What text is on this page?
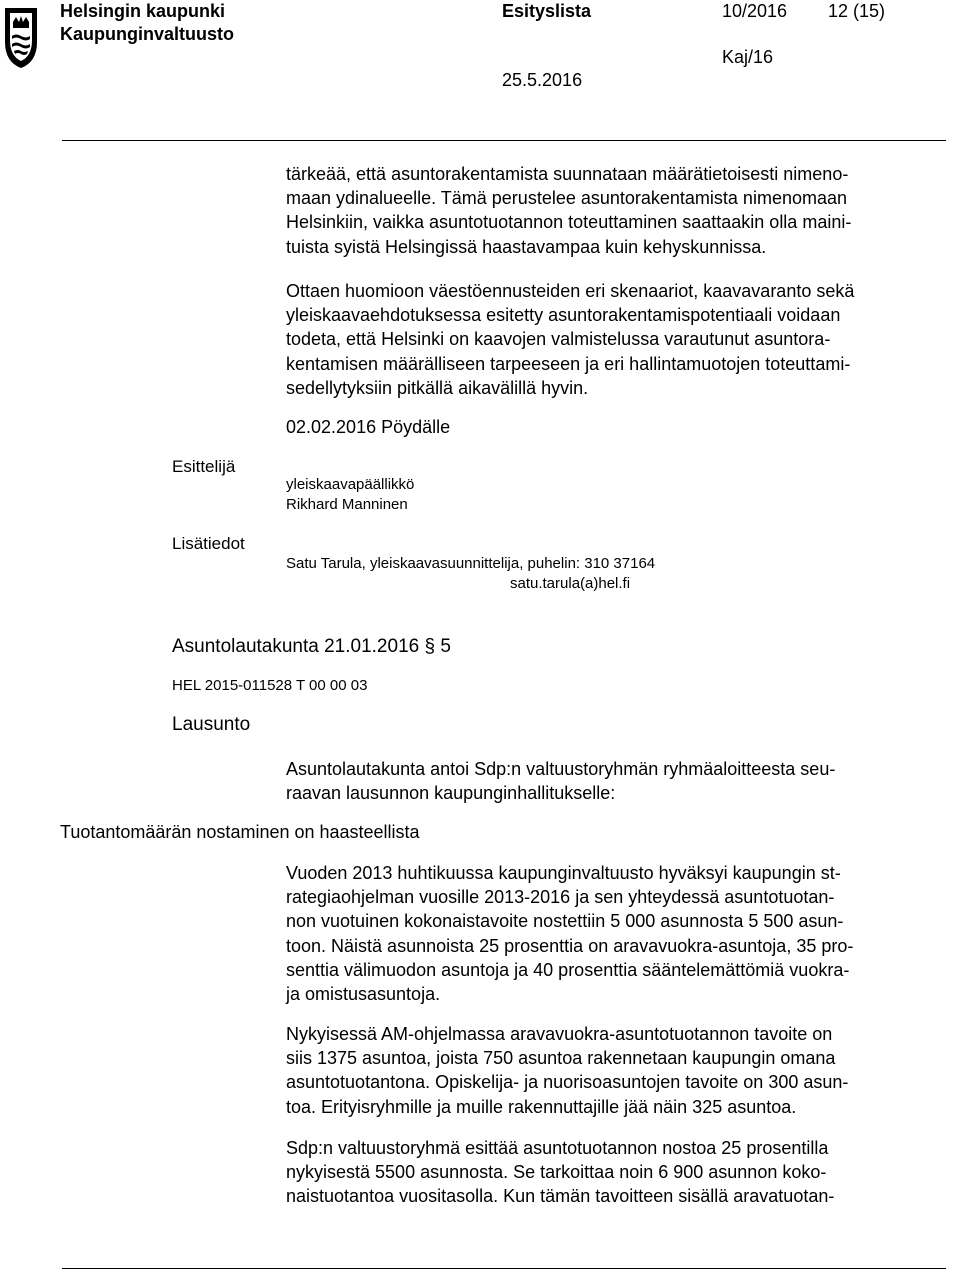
Helsingin kaupunki
Kaupunginvaltuusto
Esityslista	10/2016 12 (15)
Kaj/16
25.5.2016

tärkeää, että asuntorakentamista suunnataan määrätietoisesti nimeno-
maan ydinalueelle. Tämä perustelee asuntorakentamista nimenomaan
Helsinkiin, vaikka asuntotuotannon toteuttaminen saattaakin olla maini-
tuista syistä Helsingissä haastavampaa kuin kehyskunnissa.

Ottaen huomioon väestöennusteiden eri skenaariot, kaavavaranto sekä
yleiskaavaehdotuksessa esitetty asuntorakentamispotentiaali voidaan
todeta, että Helsinki on kaavojen valmistelussa varautunut asuntora-
kentamisen määrälliseen tarpeeseen ja eri hallintamuotojen toteuttami-
sedellytyksiin pitkällä aikavälillä hyvin.

02.02.2016 Pöydälle
Esittelijä
yleiskaavapäällikkö
Rikhard Manninen
Lisätiedot
Satu Tarula, yleiskaavasuunnittelija, puhelin: 310 37164
satu.tarula(a)hel.fi
Asuntolautakunta 21.01.2016 § 5
HEL 2015-011528 T 00 00 03
Lausunto

Asuntolautakunta antoi Sdp:n valtuustoryhmän ryhmäaloitteesta seu-
raavan lausunnon kaupunginhallitukselle:

Tuotantomäärän nostaminen on haasteellista

Vuoden 2013 huhtikuussa kaupunginvaltuusto hyväksyi kaupungin st-
rategiaohjelman vuosille 2013-2016 ja sen yhteydessä asuntotuotan-
non vuotuinen kokonaistavoite nostettiin 5 000 asunnosta 5 500 asun-
toon. Näistä asunnoista 25 prosenttia on aravavuokra-asuntoja, 35 pro-
senttia välimuodon asuntoja ja 40 prosenttia sääntelemättömiä vuokra-
ja omistusasuntoja.

Nykyisessä AM-ohjelmassa aravavuokra-asuntotuotannon tavoite on
siis 1375 asuntoa, joista 750 asuntoa rakennetaan kaupungin omana
asuntotuotantona. Opiskelija- ja nuorisoasuntojen tavoite on 300 asun-
toa. Erityisryhmille ja muille rakennuttajille jää näin 325 asuntoa.

Sdp:n valtuustoryhmä esittää asuntotuotannon nostoa 25 prosentilla
nykyisestä 5500 asunnosta. Se tarkoittaa noin 6 900 asunnon koko-
naistuotantoa vuositasolla. Kun tämän tavoitteen sisällä aravatuotan-
